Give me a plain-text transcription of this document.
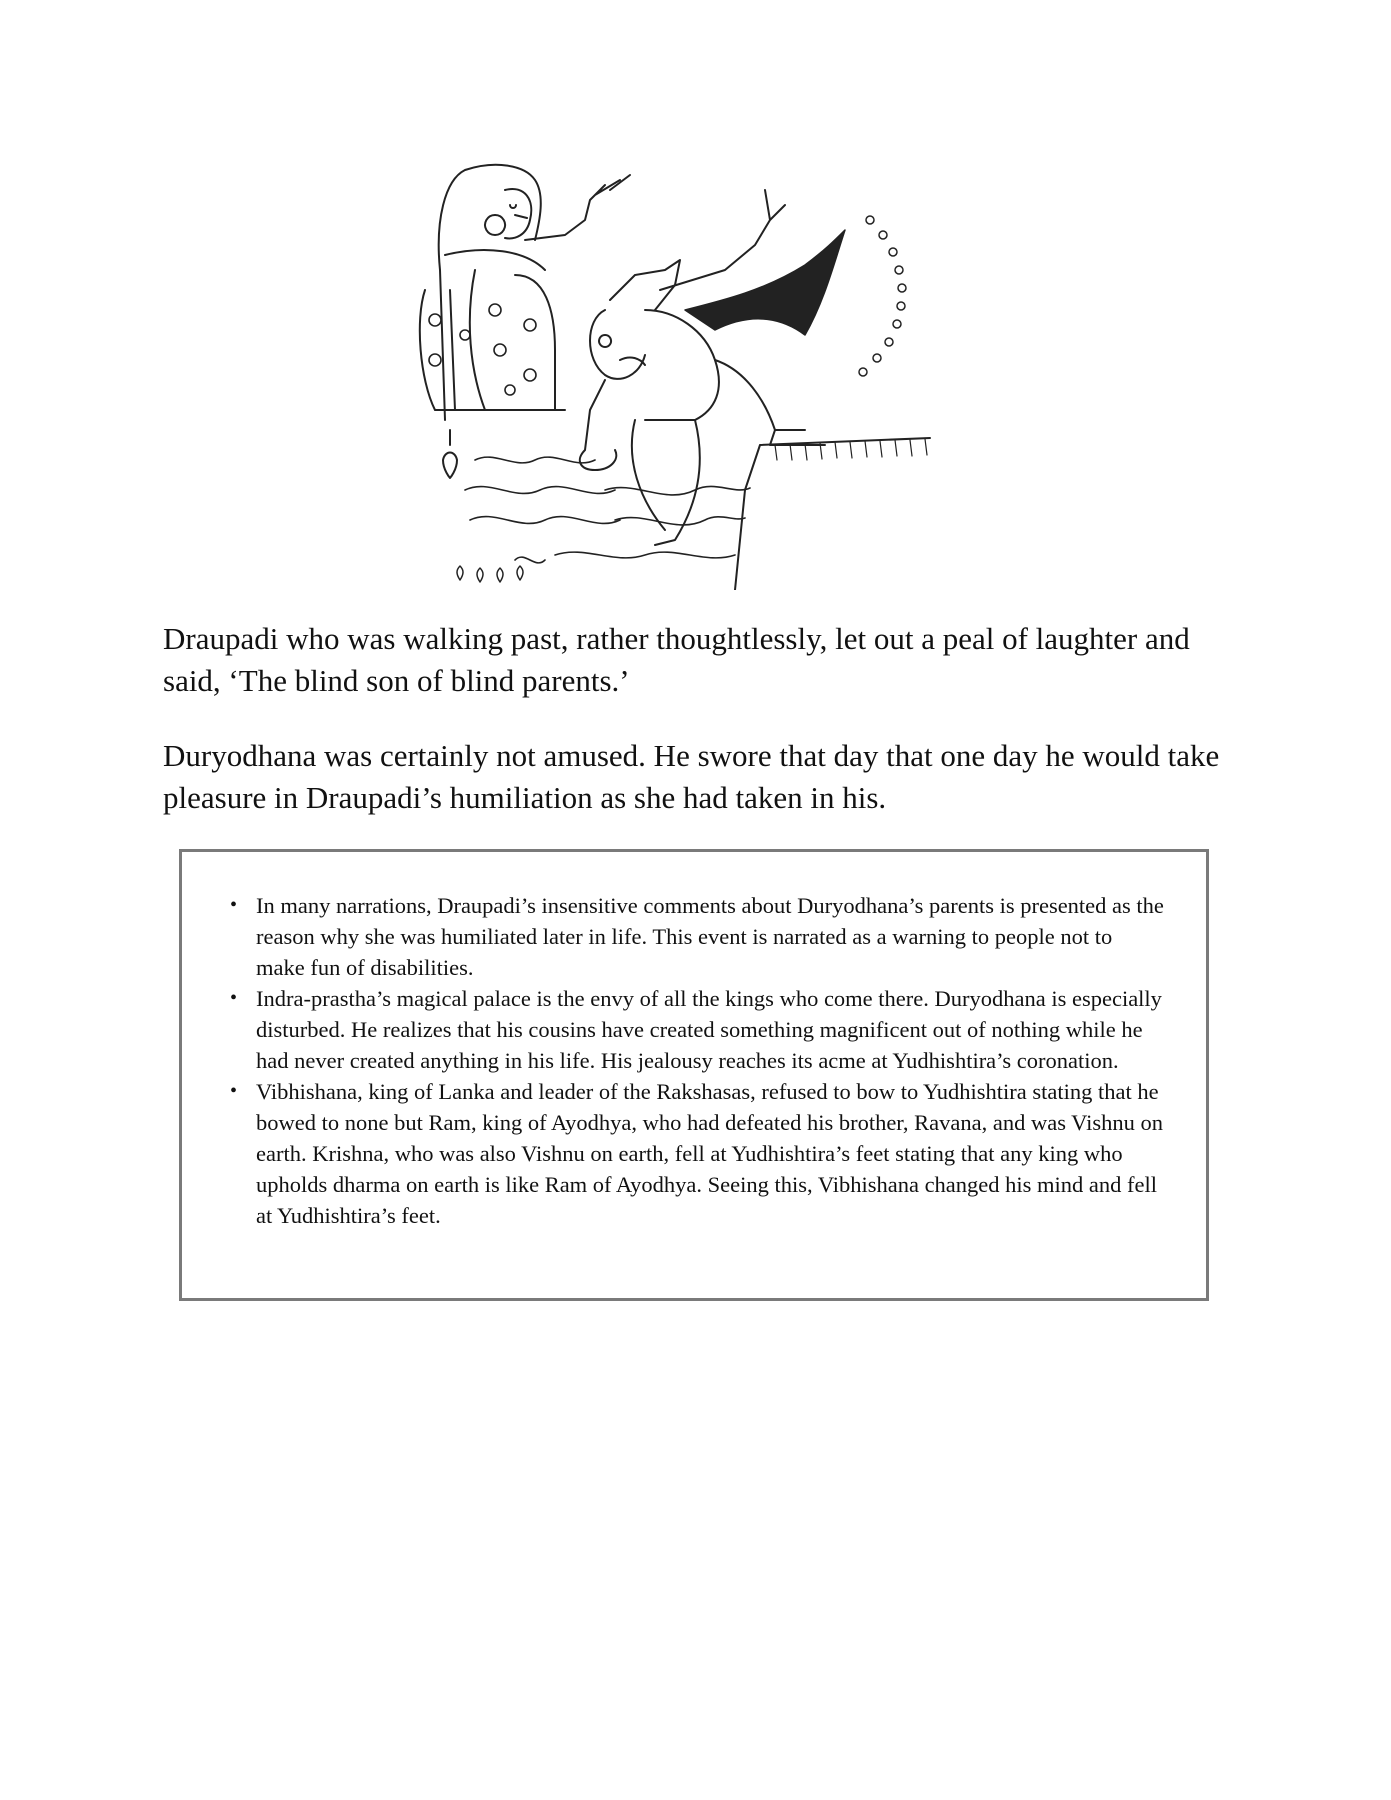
Draupadi who was walking past, rather thoughtlessly, let out a peal of laughter and said, ‘The blind son of blind parents.’

Duryodhana was certainly not amused. He swore that day that one day he would take pleasure in Draupadi’s humiliation as she had taken in his.

• In many narrations, Draupadi’s insensitive comments about Duryodhana’s parents is presented as the reason why she was humiliated later in life. This event is narrated as a warning to people not to make fun of disabilities.
• Indra-prastha’s magical palace is the envy of all the kings who come there. Duryodhana is especially disturbed. He realizes that his cousins have created something magnificent out of nothing while he had never created anything in his life. His jealousy reaches its acme at Yudhishtira’s coronation.
• Vibhishana, king of Lanka and leader of the Rakshasas, refused to bow to Yudhishtira stating that he bowed to none but Ram, king of Ayodhya, who had defeated his brother, Ravana, and was Vishnu on earth. Krishna, who was also Vishnu on earth, fell at Yudhishtira’s feet stating that any king who upholds dharma on earth is like Ram of Ayodhya. Seeing this, Vibhishana changed his mind and fell at Yudhishtira’s feet.
